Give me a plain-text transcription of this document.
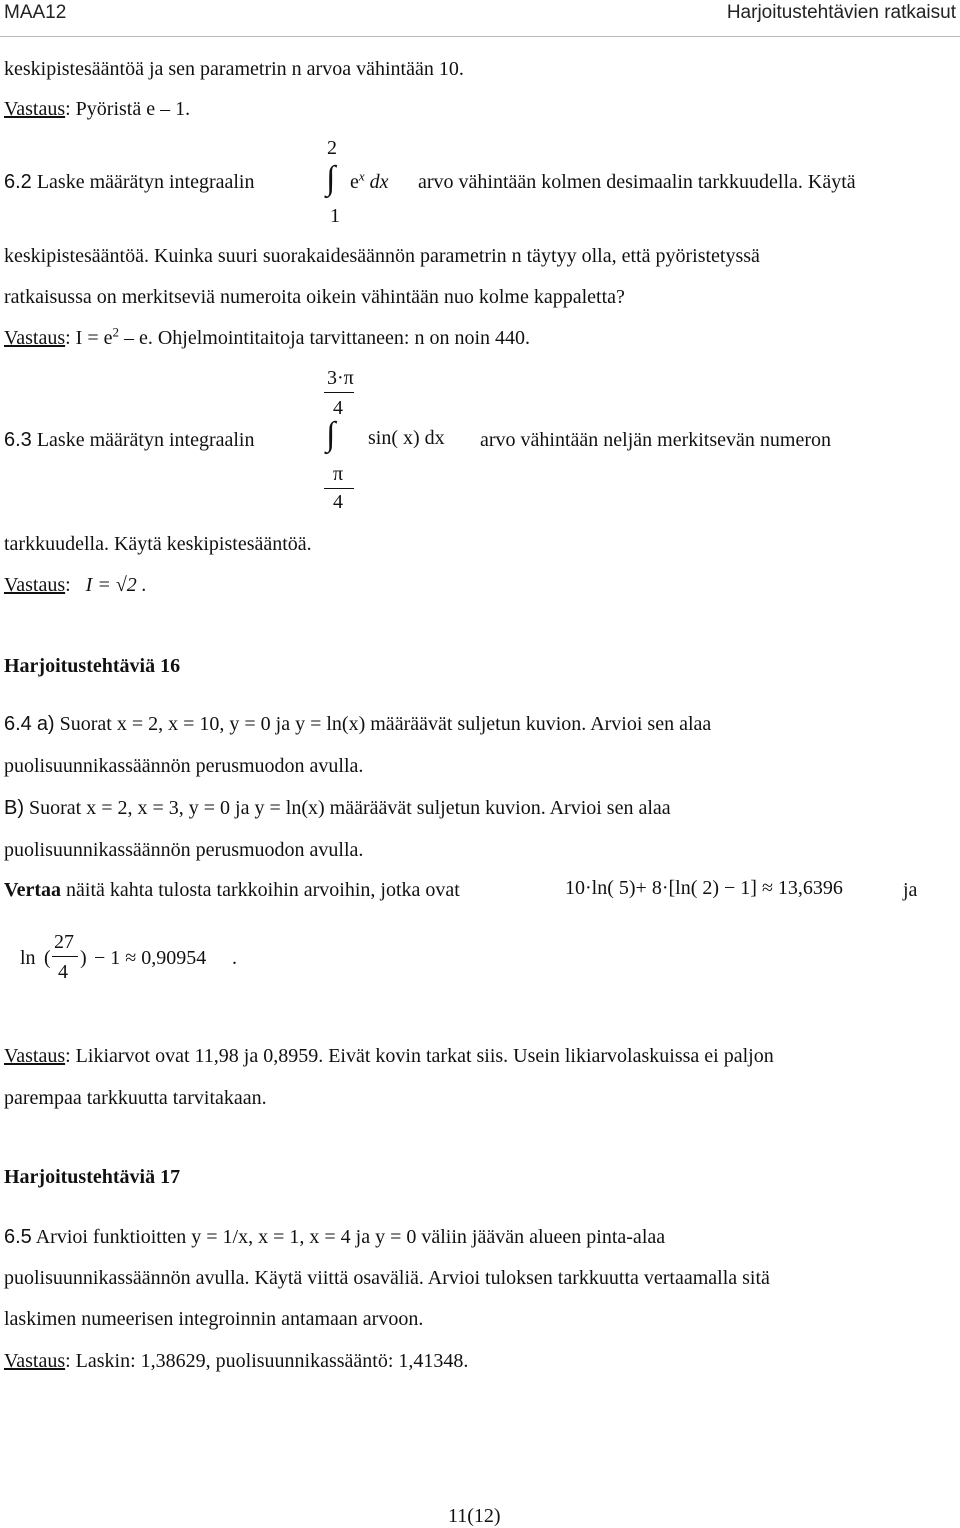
MAA12	Harjoitustehtävien ratkaisut
keskipistesääntöä ja sen parametrin n arvoa vähintään 10.
Vastaus: Pyöristä e – 1.
2
6.2 Laske määrätyn integraalin ∫ $e^x$ dx arvo vähintään kolmen desimaalin tarkkuudella. Käytä
1
keskipistesääntöä. Kuinka suuri suorakaidesäännön parametrin n täytyy olla, että pyöristetyssä
ratkaisussa on merkitseviä numeroita oikein vähintään nuo kolme kappaletta?
Vastaus: $I = e^2 - e$. Ohjelmointitaitoja tarvittaneen: n on noin 440.
3·π
4
6.3 Laske määrätyn integraalin ∫ sin( x) dx arvo vähintään neljän merkitsevän numeron
π
4
tarkkuudella. Käytä keskipistesääntöä.
Vastaus:   I = √2 .
Harjoitustehtäviä 16
6.4 a) Suorat x = 2, x = 10, y = 0 ja y = ln(x) määräävät suljetun kuvion. Arvioi sen alaa
puolisuunnikassäännön perusmuodon avulla.
B) Suorat x = 2, x = 3, y = 0 ja y = ln(x) määräävät suljetun kuvion. Arvioi sen alaa
puolisuunnikassäännön perusmuodon avulla.
Vertaa näitä kahta tulosta tarkkoihin arvoihin, jotka ovat	10·ln( 5)+ 8·[ln( 2) − 1] ≈ 13,6396	ja
ln (
27
4
) − 1 ≈ 0,90954 .
Vastaus: Likiarvot ovat 11,98 ja 0,8959. Eivät kovin tarkat siis. Usein likiarvolaskuissa ei paljon
parempaa tarkkuutta tarvitakaan.
Harjoitustehtäviä 17
6.5 Arvioi funktioitten y = 1/x, x = 1, x = 4 ja y = 0 väliin jäävän alueen pinta-alaa
puolisuunnikassäännön avulla. Käytä viittä osaväliä. Arvioi tuloksen tarkkuutta vertaamalla sitä
laskimen numeerisen integroinnin antamaan arvoon.
Vastaus: Laskin: 1,38629, puolisuunnikassääntö: 1,41348.
11(12)
